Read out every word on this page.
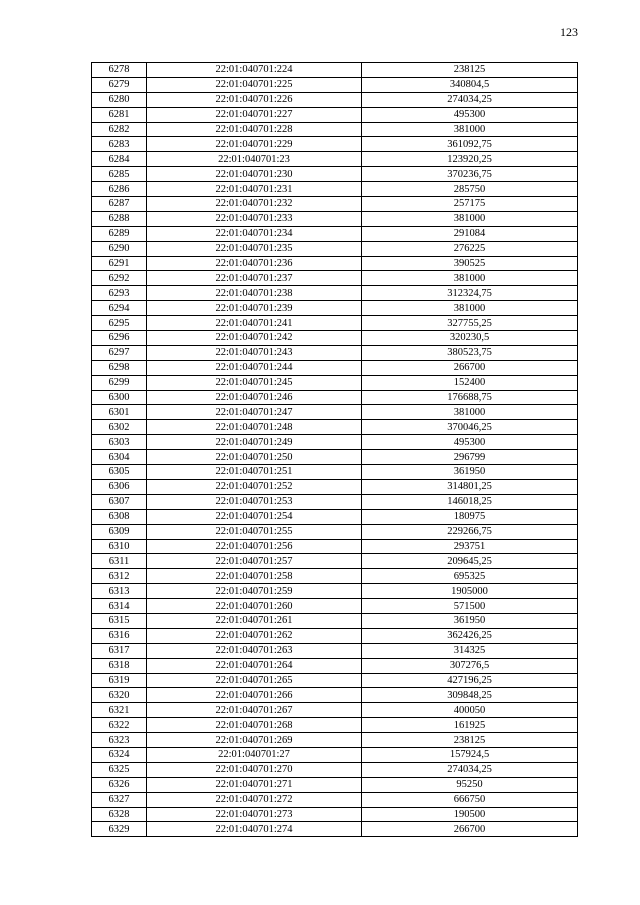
123
6278	22:01:040701:224	238125
6279	22:01:040701:225	340804,5
6280	22:01:040701:226	274034,25
6281	22:01:040701:227	495300
6282	22:01:040701:228	381000
6283	22:01:040701:229	361092,75
6284	22:01:040701:23	123920,25
6285	22:01:040701:230	370236,75
6286	22:01:040701:231	285750
6287	22:01:040701:232	257175
6288	22:01:040701:233	381000
6289	22:01:040701:234	291084
6290	22:01:040701:235	276225
6291	22:01:040701:236	390525
6292	22:01:040701:237	381000
6293	22:01:040701:238	312324,75
6294	22:01:040701:239	381000
6295	22:01:040701:241	327755,25
6296	22:01:040701:242	320230,5
6297	22:01:040701:243	380523,75
6298	22:01:040701:244	266700
6299	22:01:040701:245	152400
6300	22:01:040701:246	176688,75
6301	22:01:040701:247	381000
6302	22:01:040701:248	370046,25
6303	22:01:040701:249	495300
6304	22:01:040701:250	296799
6305	22:01:040701:251	361950
6306	22:01:040701:252	314801,25
6307	22:01:040701:253	146018,25
6308	22:01:040701:254	180975
6309	22:01:040701:255	229266,75
6310	22:01:040701:256	293751
6311	22:01:040701:257	209645,25
6312	22:01:040701:258	695325
6313	22:01:040701:259	1905000
6314	22:01:040701:260	571500
6315	22:01:040701:261	361950
6316	22:01:040701:262	362426,25
6317	22:01:040701:263	314325
6318	22:01:040701:264	307276,5
6319	22:01:040701:265	427196,25
6320	22:01:040701:266	309848,25
6321	22:01:040701:267	400050
6322	22:01:040701:268	161925
6323	22:01:040701:269	238125
6324	22:01:040701:27	157924,5
6325	22:01:040701:270	274034,25
6326	22:01:040701:271	95250
6327	22:01:040701:272	666750
6328	22:01:040701:273	190500
6329	22:01:040701:274	266700
